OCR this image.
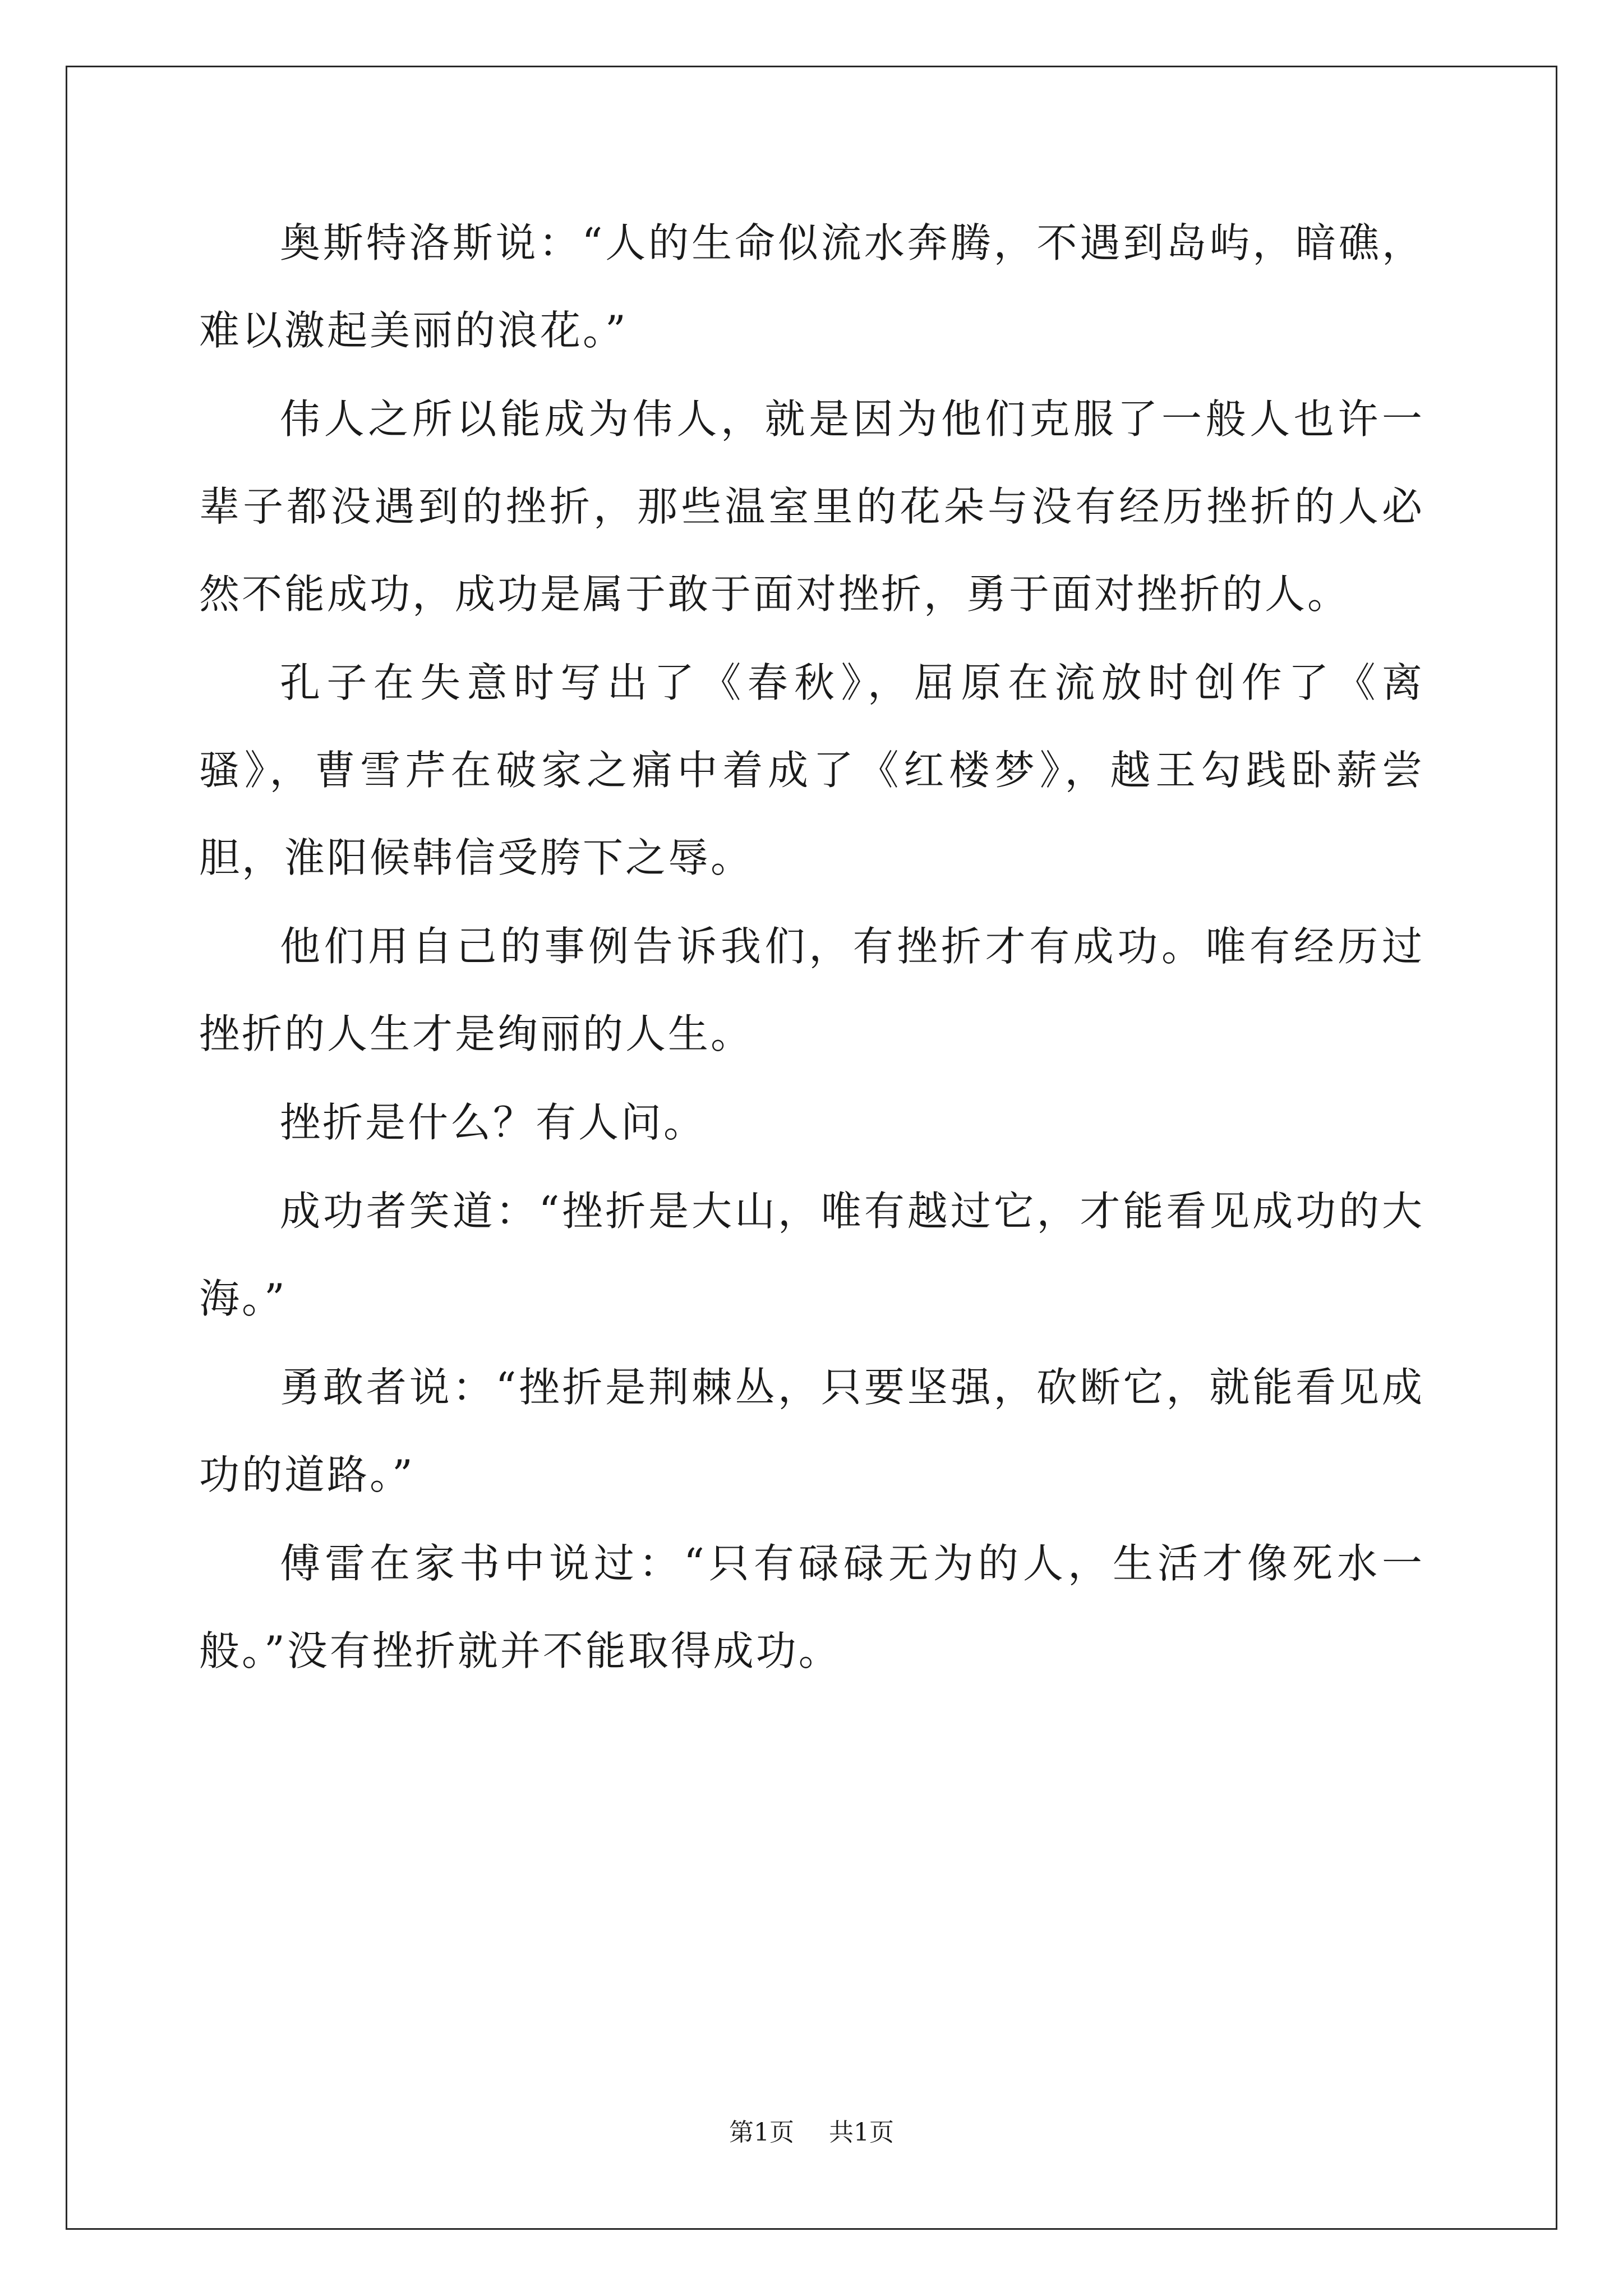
奥斯特洛斯说：“人的生命似流水奔腾，不遇到岛屿，暗礁，难以激起美丽的浪花。”

伟人之所以能成为伟人，就是因为他们克服了一般人也许一辈子都没遇到的挫折，那些温室里的花朵与没有经历挫折的人必然不能成功，成功是属于敢于面对挫折，勇于面对挫折的人。

孔子在失意时写出了《春秋》，屈原在流放时创作了《离骚》，曹雪芹在破家之痛中着成了《红楼梦》，越王勾践卧薪尝胆，淮阳候韩信受胯下之辱。

他们用自己的事例告诉我们，有挫折才有成功。唯有经历过挫折的人生才是绚丽的人生。

挫折是什么？有人问。

成功者笑道：“挫折是大山，唯有越过它，才能看见成功的大海。”

勇敢者说：“挫折是荆棘丛，只要坚强，砍断它，就能看见成功的道路。”

傅雷在家书中说过：“只有碌碌无为的人，生活才像死水一般。”没有挫折就并不能取得成功。

第1页 共1页
